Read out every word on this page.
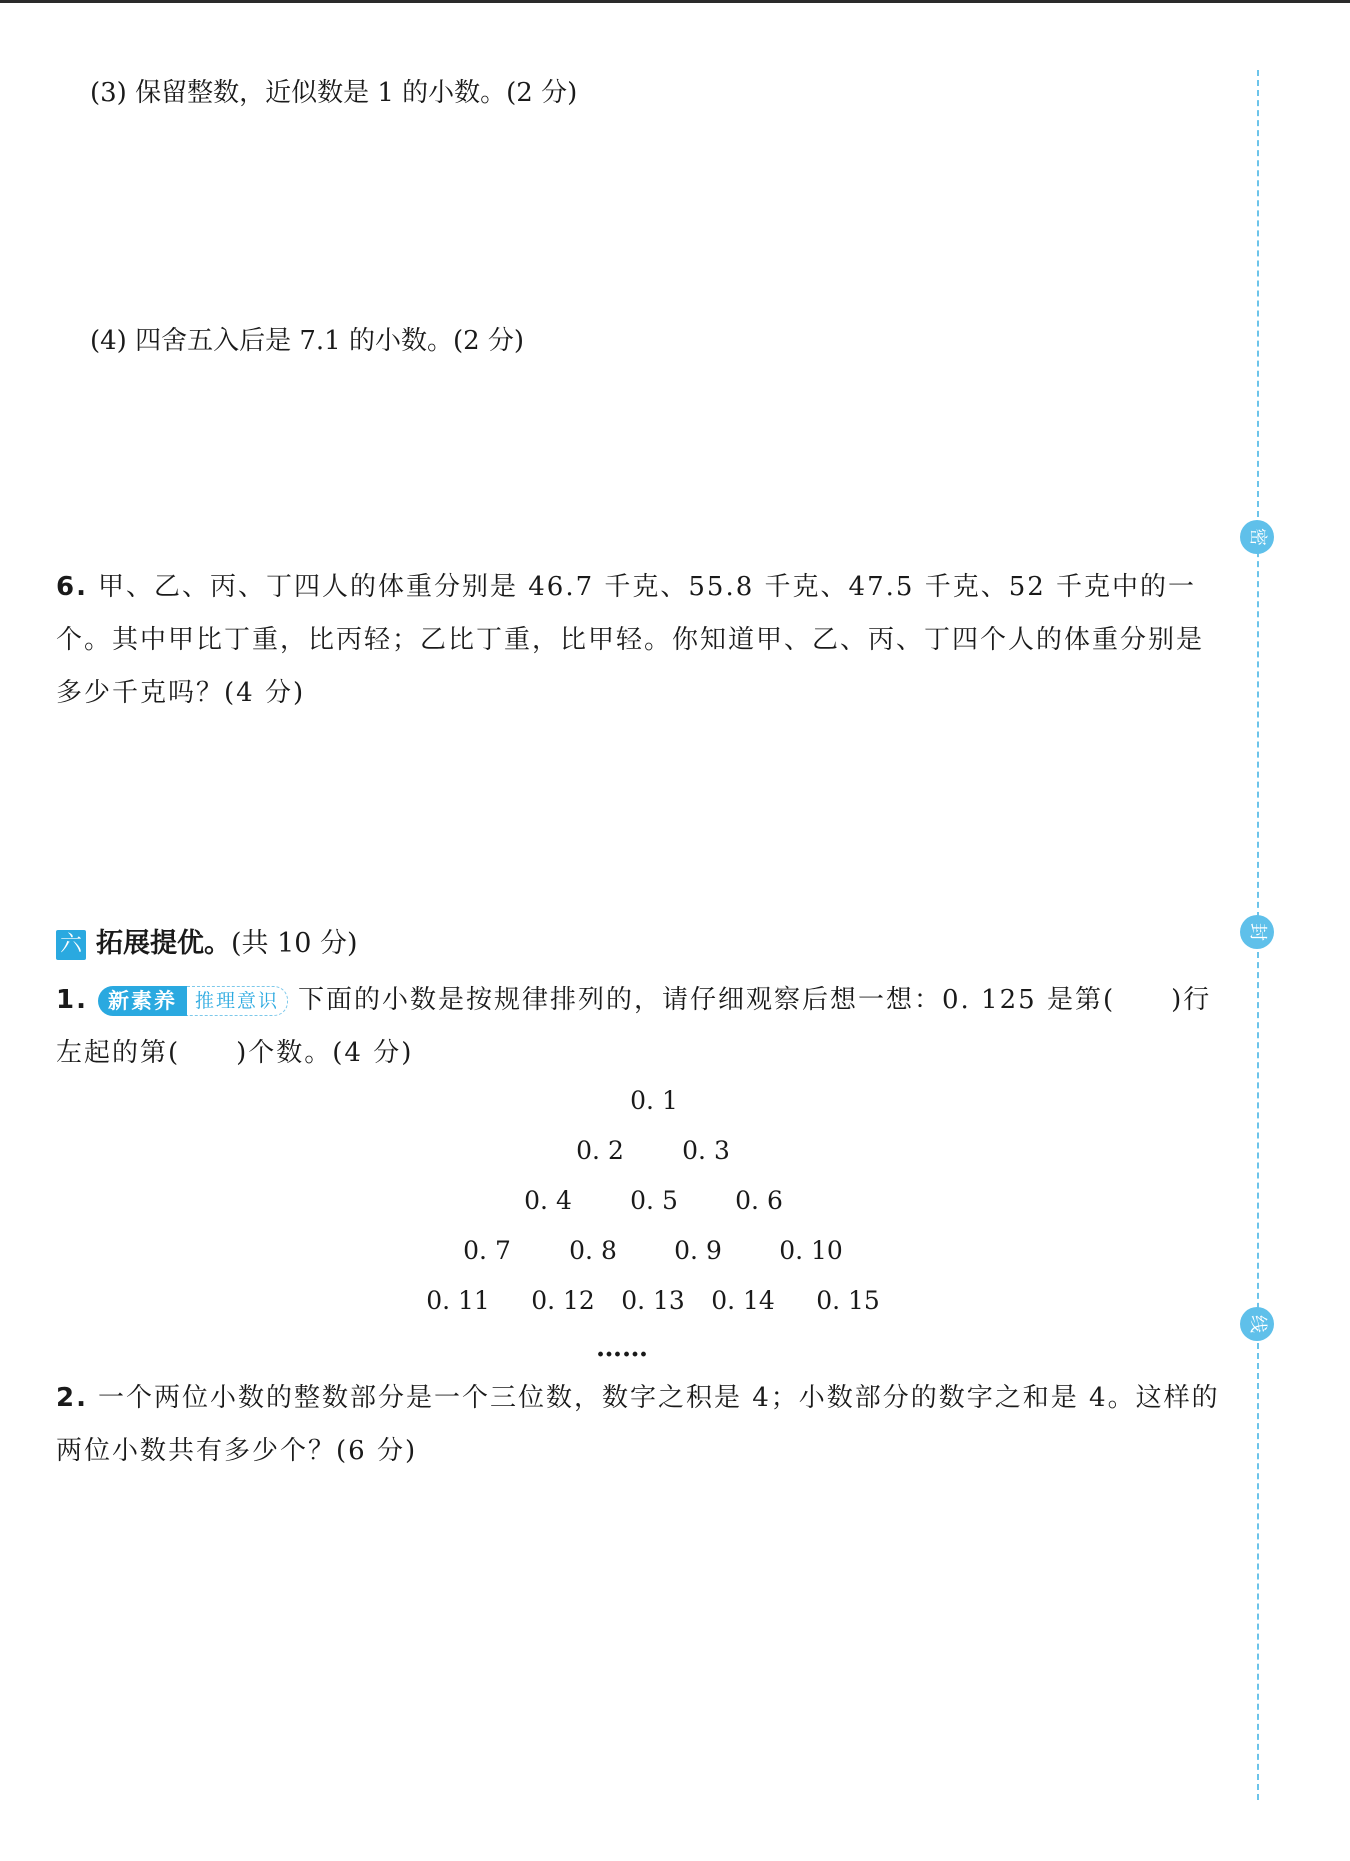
(3) 保留整数，近似数是 1 的小数。(2 分)
(4) 四舍五入后是 7.1 的小数。(2 分)
6. 甲、乙、丙、丁四人的体重分别是 46.7 千克、55.8 千克、47.5 千克、52 千克中的一个。其中甲比丁重，比丙轻；乙比丁重，比甲轻。你知道甲、乙、丙、丁四个人的体重分别是多少千克吗？(4 分)
六 拓展提优。(共 10 分)
1. 新素养 推理意识 下面的小数是按规律排列的，请仔细观察后想一想：0. 125 是第(　　)行左起的第(　　)个数。(4 分)
0. 1
0. 2 0. 3
0. 4 0. 5 0. 6
0. 7 0. 8 0. 9 0. 10
0. 11 0. 12 0. 13 0. 14 0. 15
……
2. 一个两位小数的整数部分是一个三位数，数字之积是 4；小数部分的数字之和是 4。这样的两位小数共有多少个？(6 分)
密
封
线
